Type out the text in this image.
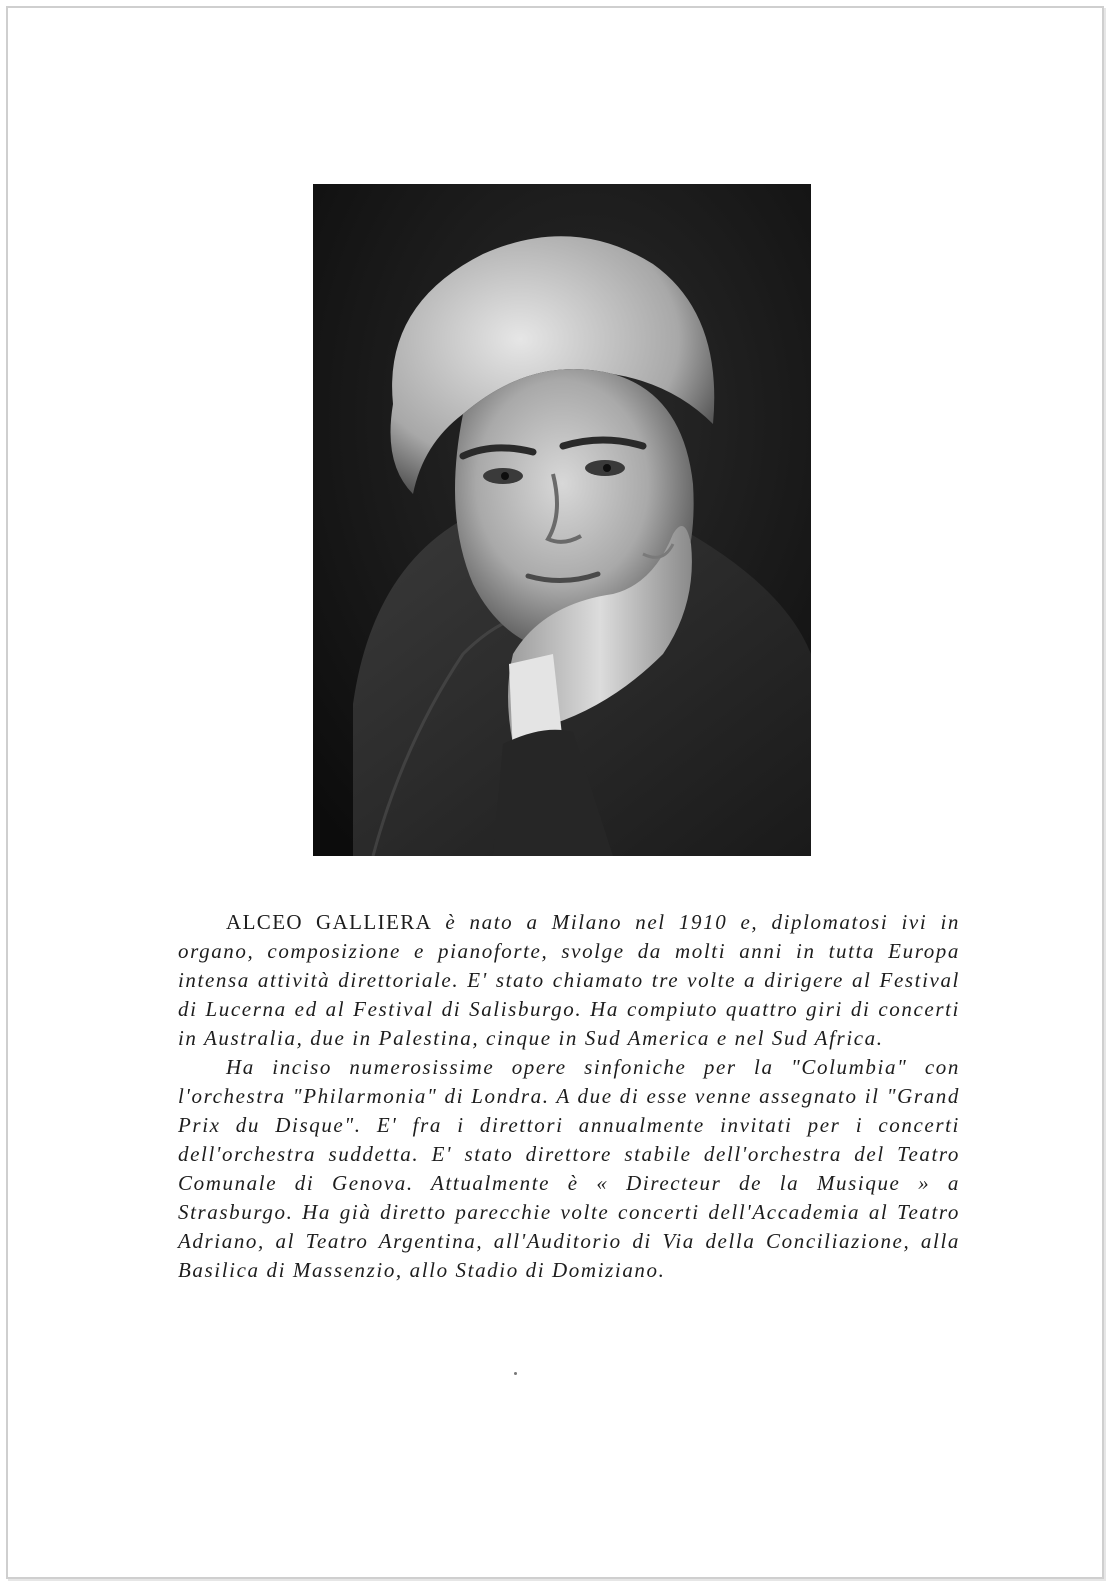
ALCEO GALLIERA è nato a Milano nel 1910 e, diplomatosi ivi in organo, composizione e pianoforte, svolge da molti anni in tutta Europa intensa attività direttoriale. E' stato chiamato tre volte a dirigere al Festival di Lucerna ed al Festival di Salisburgo. Ha compiuto quattro giri di concerti in Australia, due in Palestina, cinque in Sud America e nel Sud Africa.

Ha inciso numerosissime opere sinfoniche per la "Columbia" con l'orchestra "Philarmonia" di Londra. A due di esse venne assegnato il "Grand Prix du Disque". E' fra i direttori annualmente invitati per i concerti dell'orchestra suddetta. E' stato direttore stabile dell'orchestra del Teatro Comunale di Genova. Attualmente è « Directeur de la Musique » a Strasburgo. Ha già diretto parecchie volte concerti dell'Accademia al Teatro Adriano, al Teatro Argentina, all'Auditorio di Via della Conciliazione, alla Basilica di Massenzio, allo Stadio di Domiziano.
